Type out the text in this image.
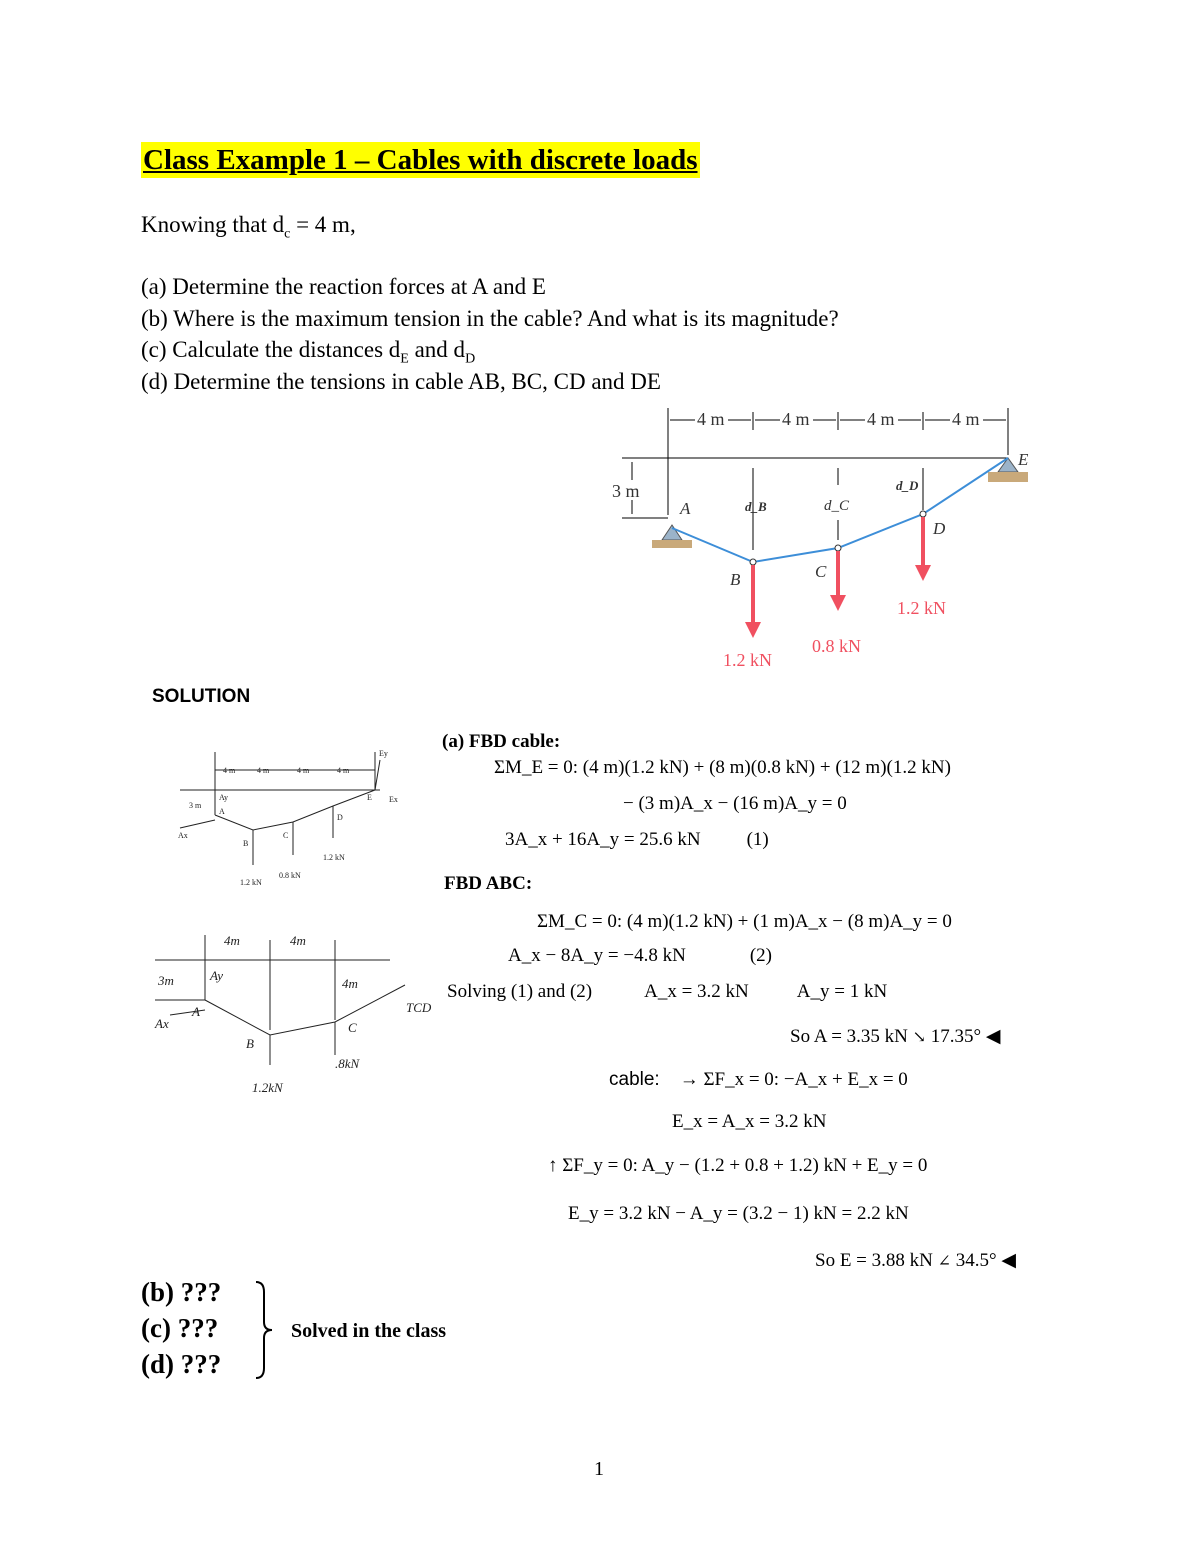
Class Example 1 – Cables with discrete loads
Knowing that $d_c = 4$ m,
(a) Determine the reaction forces at A and E
(b) Where is the maximum tension in the cable? And what is its magnitude?
(c) Calculate the distances $d_E$ and $d_D$
(d) Determine the tensions in cable AB, BC, CD and DE
4 m	4 m	4 m	4 m
3 m
1.2 kN
0.8 kN
1.2 kN
A
B	C
D
E
d_B	d_C
d_D
SOLUTION
4 m	4 m	4 m	4 m
3 m
Ay
Ax
A
B
C
D
E Ex
Ey
1.2 kN
0.8 kN
1.2 kN
4m	4m
3m	4m
Ay
Ax
A
B
C
1.2kN
.8kN
TCD
(a) FBD cable:
ΣM_E = 0: (4 m)(1.2 kN) + (8 m)(0.8 kN) + (12 m)(1.2 kN)
− (3 m)A_x − (16 m)A_y = 0
3A_x + 16A_y = 25.6 kN (1)
FBD ABC:
ΣM_C = 0: (4 m)(1.2 kN) + (1 m)A_x − (8 m)A_y = 0
A_x − 8A_y = −4.8 kN	(2)
Solving (1) and (2)	A_x = 3.2 kN	A_y = 1 kN
So A = 3.35 kN ↘ 17.35° ◀
cable: → ΣF_x = 0: −A_x + E_x = 0
E_x = A_x = 3.2 kN
↑ ΣF_y = 0: A_y − (1.2 + 0.8 + 1.2) kN + E_y = 0
E_y = 3.2 kN − A_y = (3.2 − 1) kN = 2.2 kN
So E = 3.88 kN ∠ 34.5° ◀
(b) ???
(c) ???
(d) ???
Solved in the class
1
